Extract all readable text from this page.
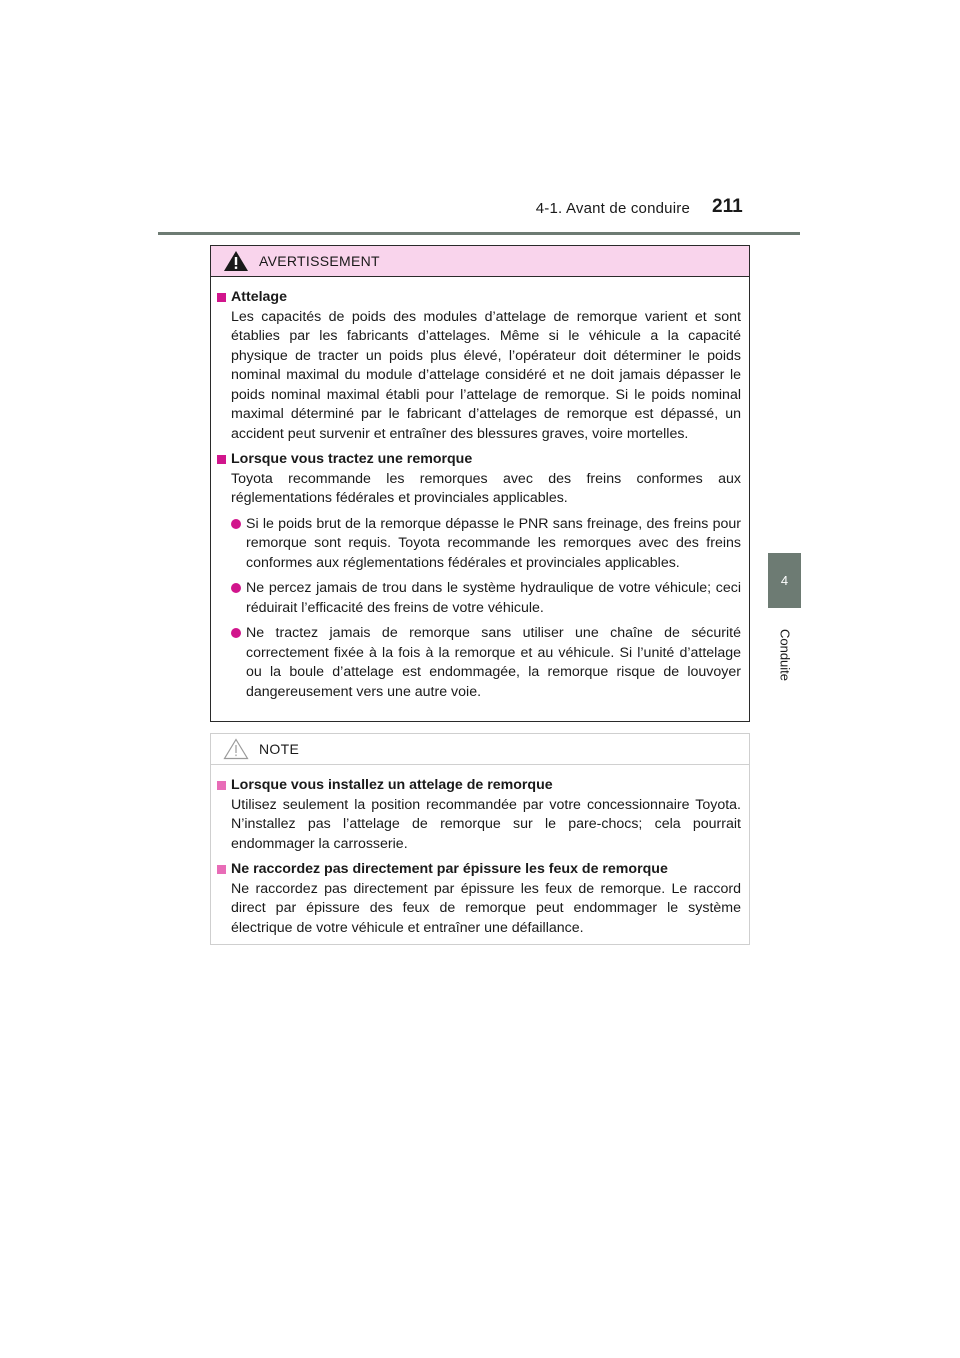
4-1. Avant de conduire 211
4
Conduite
AVERTISSEMENT
Attelage
Les capacités de poids des modules d’attelage de remorque varient et sont établies par les fabricants d’attelages. Même si le véhicule a la capacité physique de tracter un poids plus élevé, l’opérateur doit déterminer le poids nominal maximal du module d’attelage considéré et ne doit jamais dépasser le poids nominal maximal établi pour l’attelage de remorque. Si le poids nominal maximal déterminé par le fabricant d’attelages de remorque est dépassé, un accident peut survenir et entraîner des blessures graves, voire mortelles.
Lorsque vous tractez une remorque
Toyota recommande les remorques avec des freins conformes aux réglementations fédérales et provinciales applicables.
Si le poids brut de la remorque dépasse le PNR sans freinage, des freins pour remorque sont requis. Toyota recommande les remorques avec des freins conformes aux réglementations fédérales et provinciales applicables.
Ne percez jamais de trou dans le système hydraulique de votre véhicule; ceci réduirait l’efficacité des freins de votre véhicule.
Ne tractez jamais de remorque sans utiliser une chaîne de sécurité correctement fixée à la fois à la remorque et au véhicule. Si l’unité d’attelage ou la boule d’attelage est endommagée, la remorque risque de louvoyer dangereusement vers une autre voie.
NOTE
Lorsque vous installez un attelage de remorque
Utilisez seulement la position recommandée par votre concessionnaire Toyota. N’installez pas l’attelage de remorque sur le pare-chocs; cela pourrait endommager la carrosserie.
Ne raccordez pas directement par épissure les feux de remorque
Ne raccordez pas directement par épissure les feux de remorque. Le raccord direct par épissure des feux de remorque peut endommager le système électrique de votre véhicule et entraîner une défaillance.
